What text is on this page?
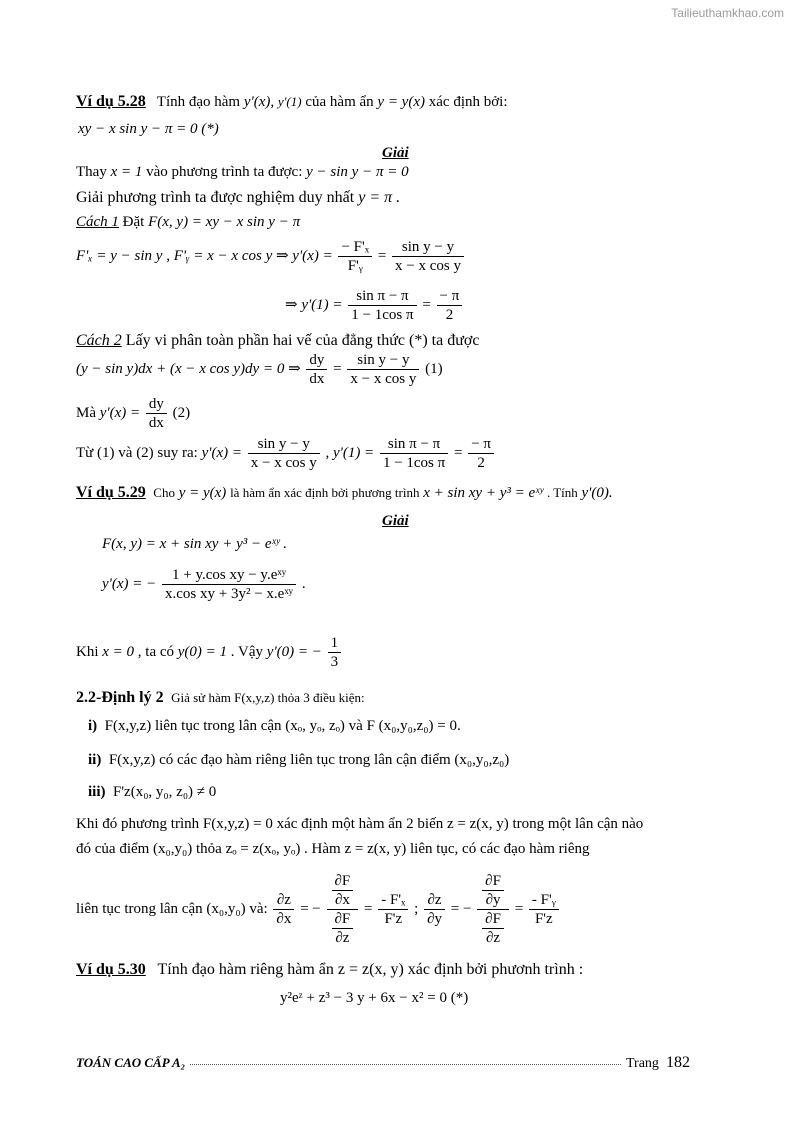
Tailieuthamkhao.com
Ví dụ 5.28 Tính đạo hàm y'(x), y'(1) của hàm ẩn y = y(x) xác định bởi:
xy − x sin y − π = 0 (*)
Giải
Thay x = 1 vào phương trình ta được: y − sin y − π = 0
Giải phương trình ta được nghiệm duy nhất y = π .
Cách 1 Đặt F(x, y) = xy − x sin y − π
F'ₓ = y − sin y , F'ᵧ = x − x cos y ⇒ $y'(x) = \frac{\text{− F'ₓ}}{\text{F'ᵧ}} = \frac{\text{sin y − y}}{\text{x − x cos y}}$
⇒ $y'(1) = \frac{\text{sin π − π}}{\text{1 − 1cos π}} = \frac{- \pi}{2}$
Cách 2 Lấy vi phân toàn phần hai vế của đẳng thức (*) ta được
(y − sin y)dx + (x − x cos y)dy = 0 ⇒ $\frac{dy}{dx} = \frac{\text{sin y − y}}{\text{x − x cos y}} (1)$
Mà $y'(x) = \frac{dy}{dx} (2)$
Từ (1) và (2) suy ra: $y'(x) = \frac{\text{sin y − y}}{\text{x − x cos y}}$ , $y'(1) = \frac{\text{sin π − π}}{\text{1 − 1cos π}} = \frac{- \pi}{2}$
Ví dụ 5.29 Cho y = y(x) là hàm ẩn xác định bởi phương trình x + sin xy + y³ = eˣʸ . Tính y'(0).
Giải
F(x, y) = x + sin xy + y³ − eˣʸ .
y'(x) = − $\frac{\text{1 + y.cos xy − y.eˣʸ}}{\text{x.cos xy + 3y² − x.eˣʸ}}$ .
Khi x = 0 , ta có y(0) = 1 . Vậy y'(0) = − $\frac{1}{3}$
2.2-Định lý 2 Giả sử hàm F(x,y,z) thỏa 3 điều kiện:
i) F(x,y,z) liên tục trong lân cận (xₒ, yₒ, zₒ) và F (x₀,y₀,z₀) = 0.
ii) F(x,y,z) có các đạo hàm riêng liên tục trong lân cận điểm (x₀,y₀,z₀)
iii) F'z(x₀, y₀, z₀) ≠ 0
Khi đó phương trình F(x,y,z) = 0 xác định một hàm ẩn 2 biến z = z(x, y) trong một lân cận nào
đó của điểm (x₀,y₀) thỏa zₒ = z(xₒ, yₒ) . Hàm z = z(x, y) liên tục, có các đạo hàm riêng
liên tục trong lân cận (x₀,y₀) và: $\frac{\partial z}{\partial x}$ = − $\frac{\frac{\partial F}{\partial x}}{\frac{\partial F}{\partial z}} = \frac{\text{- F'ₓ}}{F'z}$ ; $\frac{\partial z}{\partial y}$ = − $\frac{\frac{\partial F}{\partial y}}{\frac{\partial F}{\partial z}} = \frac{\text{- F'ᵧ}}{F'z}$
Ví dụ 5.30 Tính đạo hàm riêng hàm ẩn z = z(x, y) xác định bởi phươnh trình :
y²eᶻ + z³ − 3 y + 6x − x² = 0 (*)
TOÁN CAO CẤP A₂	Trang 182
